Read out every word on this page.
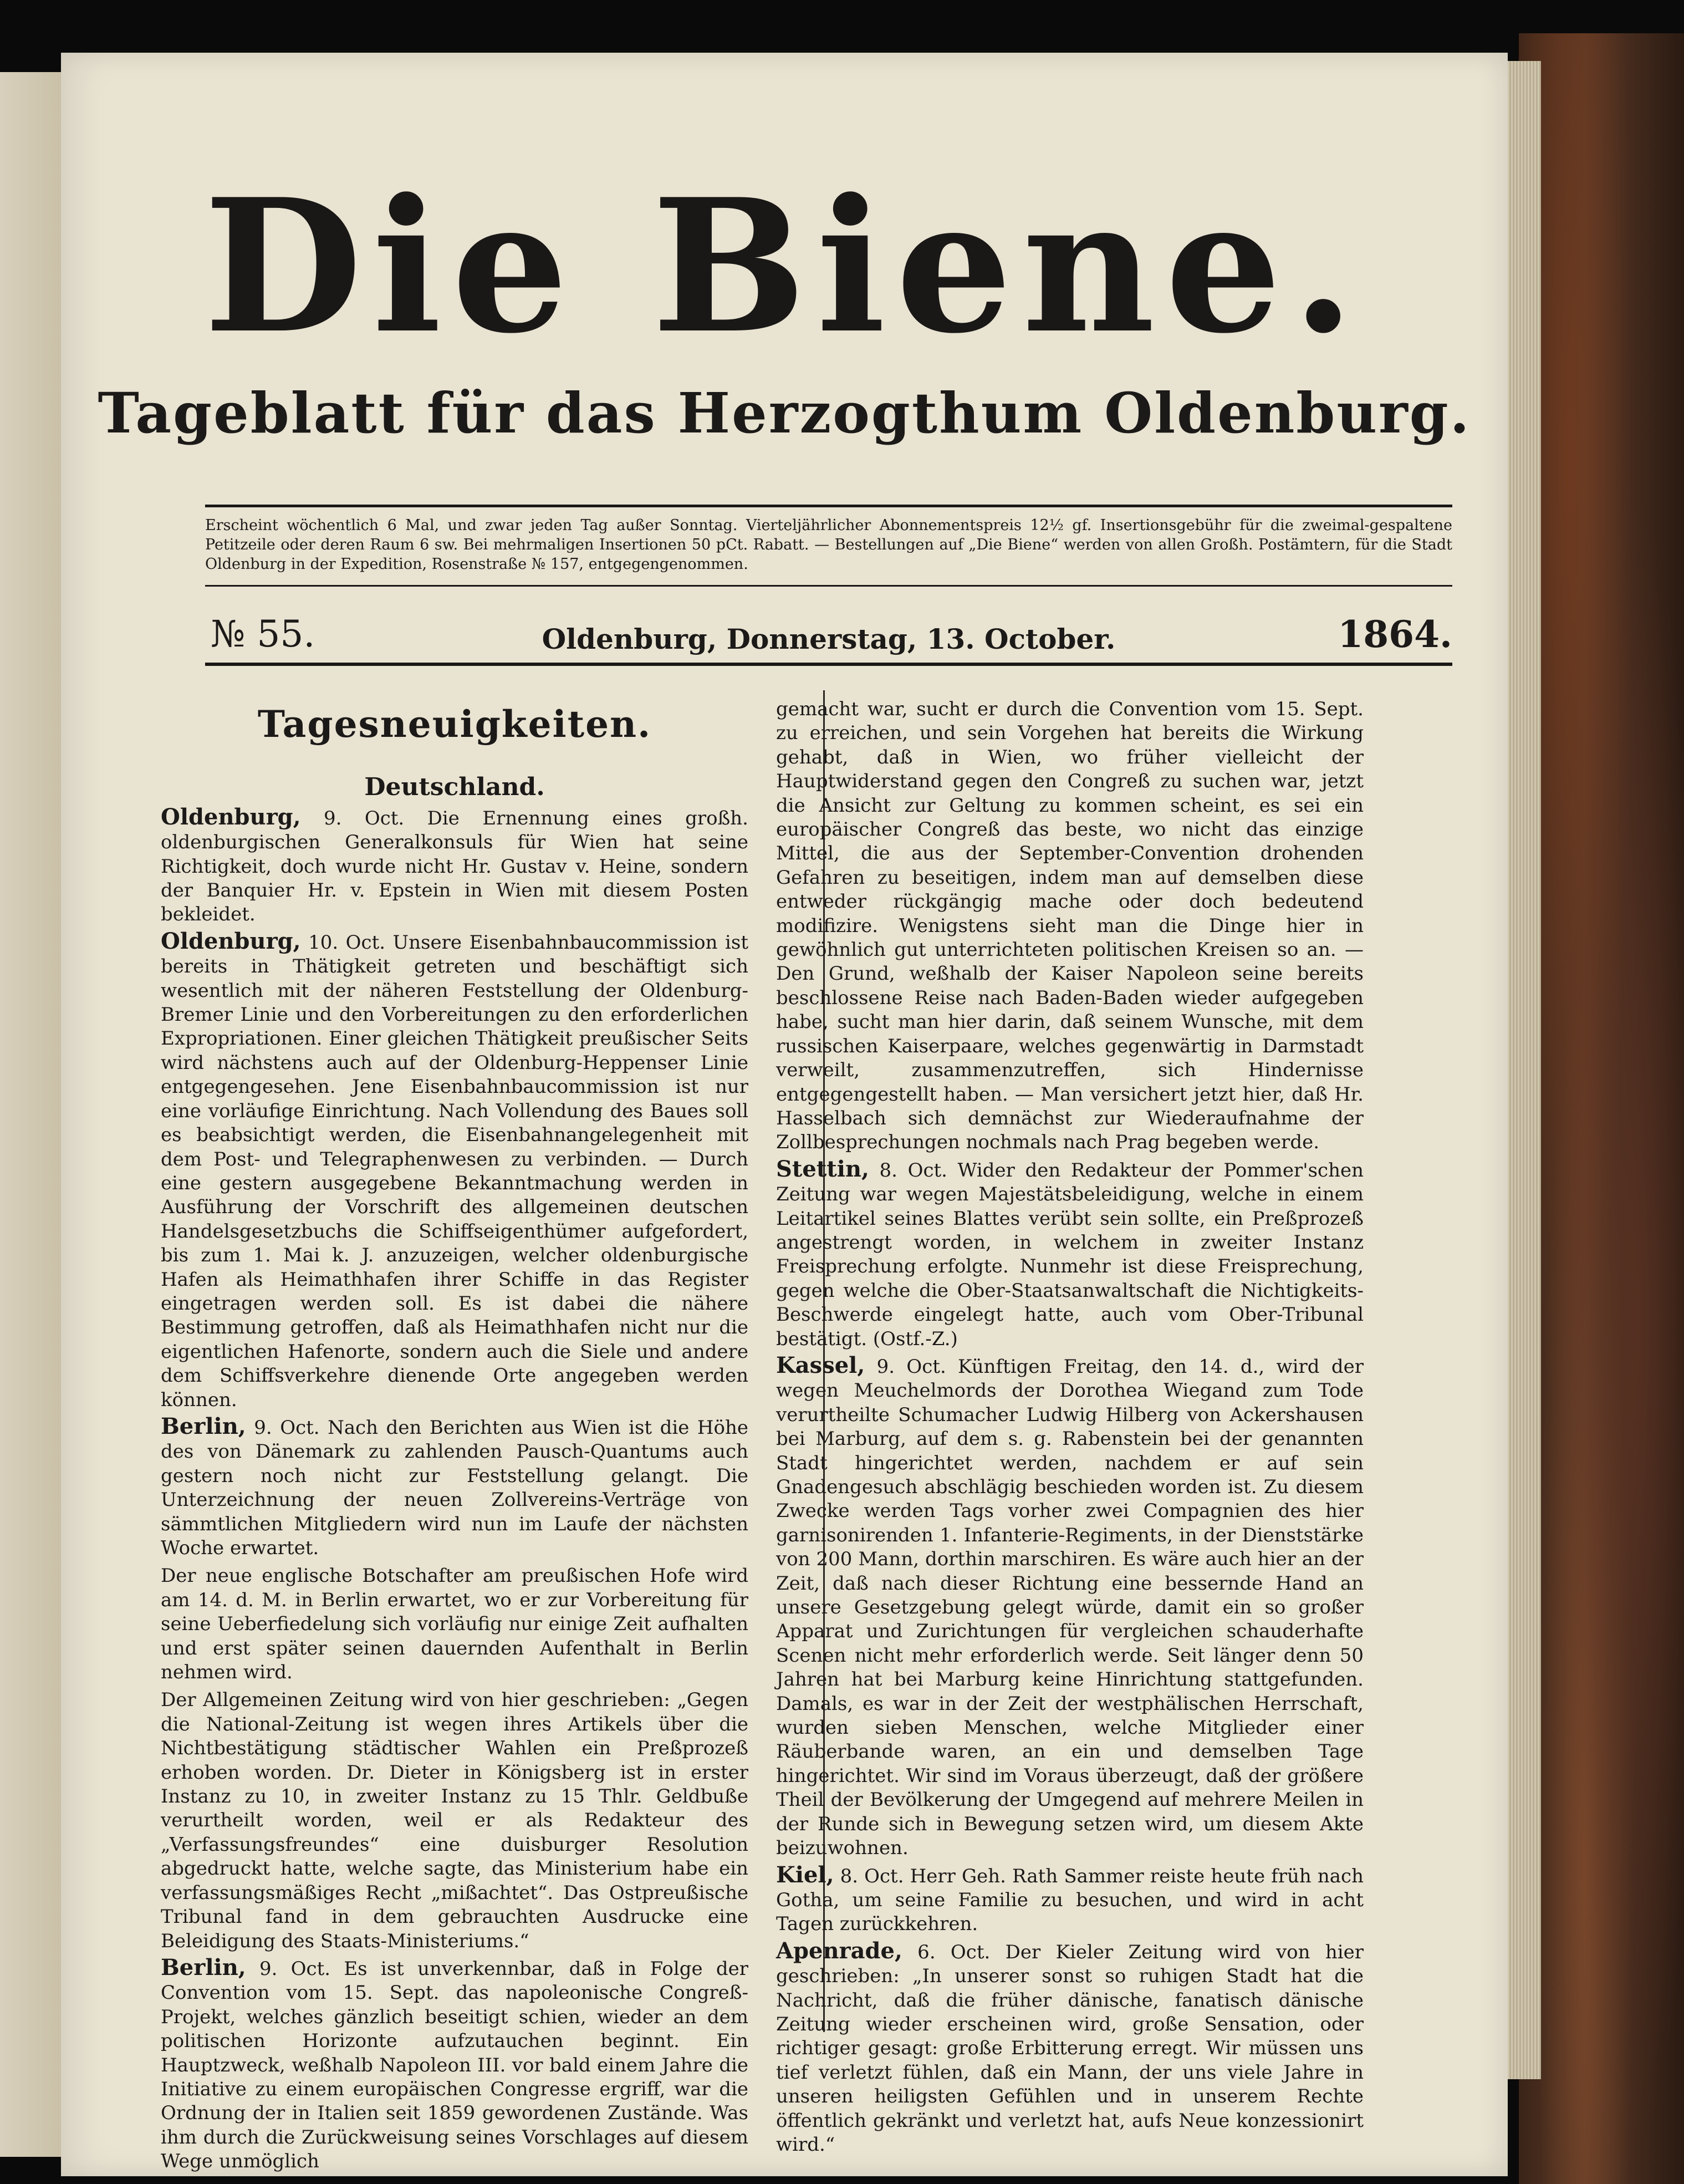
Die Biene.
Tageblatt für das Herzogthum Oldenburg.
Erscheint wöchentlich 6 Mal, und zwar jeden Tag außer Sonntag. Vierteljährlicher Abonnementspreis 12½ gf. Insertionsgebühr für die zweimal-gespaltene Petitzeile oder deren Raum 6 sw. Bei mehrmaligen Insertionen 50 pCt. Rabatt. — Bestellungen auf „Die Biene“ werden von allen Großh. Postämtern, für die Stadt Oldenburg in der Expedition, Rosenstraße № 157, entgegengenommen.
№ 55.	Oldenburg, Donnerstag, 13. October.	1864.
Tagesneuigkeiten.
Deutschland.

Oldenburg, 9. Oct. Die Ernennung eines großh. oldenburgischen Generalkonsuls für Wien hat seine Richtigkeit, doch wurde nicht Hr. Gustav v. Heine, sondern der Banquier Hr. v. Epstein in Wien mit diesem Posten bekleidet.

Oldenburg, 10. Oct. Unsere Eisenbahnbaucommission ist bereits in Thätigkeit getreten und beschäftigt sich wesentlich mit der näheren Feststellung der Oldenburg-Bremer Linie und den Vorbereitungen zu den erforderlichen Expropriationen. Einer gleichen Thätigkeit preußischer Seits wird nächstens auch auf der Oldenburg-Heppenser Linie entgegengesehen. Jene Eisenbahnbaucommission ist nur eine vorläufige Einrichtung. Nach Vollendung des Baues soll es beabsichtigt werden, die Eisenbahnangelegenheit mit dem Post- und Telegraphenwesen zu verbinden. — Durch eine gestern ausgegebene Bekanntmachung werden in Ausführung der Vorschrift des allgemeinen deutschen Handelsgesetzbuchs die Schiffseigenthümer aufgefordert, bis zum 1. Mai k. J. anzuzeigen, welcher oldenburgische Hafen als Heimathhafen ihrer Schiffe in das Register eingetragen werden soll. Es ist dabei die nähere Bestimmung getroffen, daß als Heimathhafen nicht nur die eigentlichen Hafenorte, sondern auch die Siele und andere dem Schiffsverkehre dienende Orte angegeben werden können.

Berlin, 9. Oct. Nach den Berichten aus Wien ist die Höhe des von Dänemark zu zahlenden Pausch-Quantums auch gestern noch nicht zur Feststellung gelangt. Die Unterzeichnung der neuen Zollvereins-Verträge von sämmtlichen Mitgliedern wird nun im Laufe der nächsten Woche erwartet.

Der neue englische Botschafter am preußischen Hofe wird am 14. d. M. in Berlin erwartet, wo er zur Vorbereitung für seine Ueberfiedelung sich vorläufig nur einige Zeit aufhalten und erst später seinen dauernden Aufenthalt in Berlin nehmen wird.

Der Allgemeinen Zeitung wird von hier geschrieben: „Gegen die National-Zeitung ist wegen ihres Artikels über die Nichtbestätigung städtischer Wahlen ein Preßprozeß erhoben worden. Dr. Dieter in Königsberg ist in erster Instanz zu 10, in zweiter Instanz zu 15 Thlr. Geldbuße verurtheilt worden, weil er als Redakteur des „Verfassungsfreundes“ eine duisburger Resolution abgedruckt hatte, welche sagte, das Ministerium habe ein verfassungsmäßiges Recht „mißachtet“. Das Ostpreußische Tribunal fand in dem gebrauchten Ausdrucke eine Beleidigung des Staats-Ministeriums.“

Berlin, 9. Oct. Es ist unverkennbar, daß in Folge der Convention vom 15. Sept. das napoleonische Congreß-Projekt, welches gänzlich beseitigt schien, wieder an dem politischen Horizonte aufzutauchen beginnt. Ein Hauptzweck, weßhalb Napoleon III. vor bald einem Jahre die Initiative zu einem europäischen Congresse ergriff, war die Ordnung der in Italien seit 1859 gewordenen Zustände. Was ihm durch die Zurückweisung seines Vorschlages auf diesem Wege unmöglich

gemacht war, sucht er durch die Convention vom 15. Sept. zu erreichen, und sein Vorgehen hat bereits die Wirkung gehabt, daß in Wien, wo früher vielleicht der Hauptwiderstand gegen den Congreß zu suchen war, jetzt die Ansicht zur Geltung zu kommen scheint, es sei ein europäischer Congreß das beste, wo nicht das einzige Mittel, die aus der September-Convention drohenden Gefahren zu beseitigen, indem man auf demselben diese entweder rückgängig mache oder doch bedeutend modifizire. Wenigstens sieht man die Dinge hier in gewöhnlich gut unterrichteten politischen Kreisen so an. — Den Grund, weßhalb der Kaiser Napoleon seine bereits beschlossene Reise nach Baden-Baden wieder aufgegeben habe, sucht man hier darin, daß seinem Wunsche, mit dem russischen Kaiserpaare, welches gegenwärtig in Darmstadt verweilt, zusammenzutreffen, sich Hindernisse entgegengestellt haben. — Man versichert jetzt hier, daß Hr. Hasselbach sich demnächst zur Wiederaufnahme der Zollbesprechungen nochmals nach Prag begeben werde.

Stettin, 8. Oct. Wider den Redakteur der Pommer'schen Zeitung war wegen Majestätsbeleidigung, welche in einem Leitartikel seines Blattes verübt sein sollte, ein Preßprozeß angestrengt worden, in welchem in zweiter Instanz Freisprechung erfolgte. Nunmehr ist diese Freisprechung, gegen welche die Ober-Staatsanwaltschaft die Nichtigkeits-Beschwerde eingelegt hatte, auch vom Ober-Tribunal bestätigt. (Ostf.-Z.)

Kassel, 9. Oct. Künftigen Freitag, den 14. d., wird der wegen Meuchelmords der Dorothea Wiegand zum Tode verurtheilte Schumacher Ludwig Hilberg von Ackershausen bei Marburg, auf dem s. g. Rabenstein bei der genannten Stadt hingerichtet werden, nachdem er auf sein Gnadengesuch abschlägig beschieden worden ist. Zu diesem Zwecke werden Tags vorher zwei Compagnien des hier garnisonirenden 1. Infanterie-Regiments, in der Dienststärke von 200 Mann, dorthin marschiren. Es wäre auch hier an der Zeit, daß nach dieser Richtung eine bessernde Hand an unsere Gesetzgebung gelegt würde, damit ein so großer Apparat und Zurichtungen für vergleichen schauderhafte Scenen nicht mehr erforderlich werde. Seit länger denn 50 Jahren hat bei Marburg keine Hinrichtung stattgefunden. Damals, es war in der Zeit der westphälischen Herrschaft, wurden sieben Menschen, welche Mitglieder einer Räuberbande waren, an ein und demselben Tage hingerichtet. Wir sind im Voraus überzeugt, daß der größere Theil der Bevölkerung der Umgegend auf mehrere Meilen in der Runde sich in Bewegung setzen wird, um diesem Akte beizuwohnen.

Kiel, 8. Oct. Herr Geh. Rath Sammer reiste heute früh nach Gotha, um seine Familie zu besuchen, und wird in acht Tagen zurückkehren.

Apenrade, 6. Oct. Der Kieler Zeitung wird von hier geschrieben: „In unserer sonst so ruhigen Stadt hat die Nachricht, daß die früher dänische, fanatisch dänische Zeitung wieder erscheinen wird, große Sensation, oder richtiger gesagt: große Erbitterung erregt. Wir müssen uns tief verletzt fühlen, daß ein Mann, der uns viele Jahre in unseren heiligsten Gefühlen und in unserem Rechte öffentlich gekränkt und verletzt hat, aufs Neue konzessionirt wird.“
